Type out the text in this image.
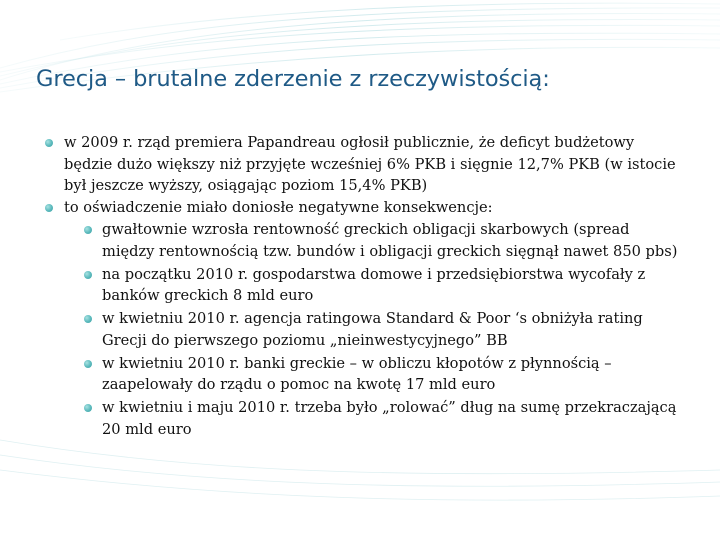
Grecja – brutalne zderzenie z rzeczywistością:
w 2009 r. rząd premiera Papandreau ogłosił publicznie, że deficyt budżetowy będzie dużo większy niż przyjęte wcześniej 6% PKB i sięgnie 12,7% PKB (w istocie był jeszcze wyższy, osiągając poziom 15,4% PKB)
to oświadczenie miało doniosłe negatywne konsekwencje:
gwałtownie wzrosła rentowność greckich obligacji skarbowych (spread między rentownością tzw. bundów i obligacji greckich sięgnął nawet 850 pbs)
na początku 2010 r. gospodarstwa domowe i przedsiębiorstwa wycofały z banków greckich 8 mld euro
w kwietniu 2010 r. agencja ratingowa Standard & Poor ‘s obniżyła rating Grecji do pierwszego poziomu „nieinwestycyjnego” BB
w kwietniu 2010 r. banki greckie – w obliczu kłopotów z płynnością – zaapelowały do rządu o pomoc na kwotę 17 mld euro
w kwietniu i maju 2010 r. trzeba było „rolować” dług na sumę przekraczającą 20 mld euro
